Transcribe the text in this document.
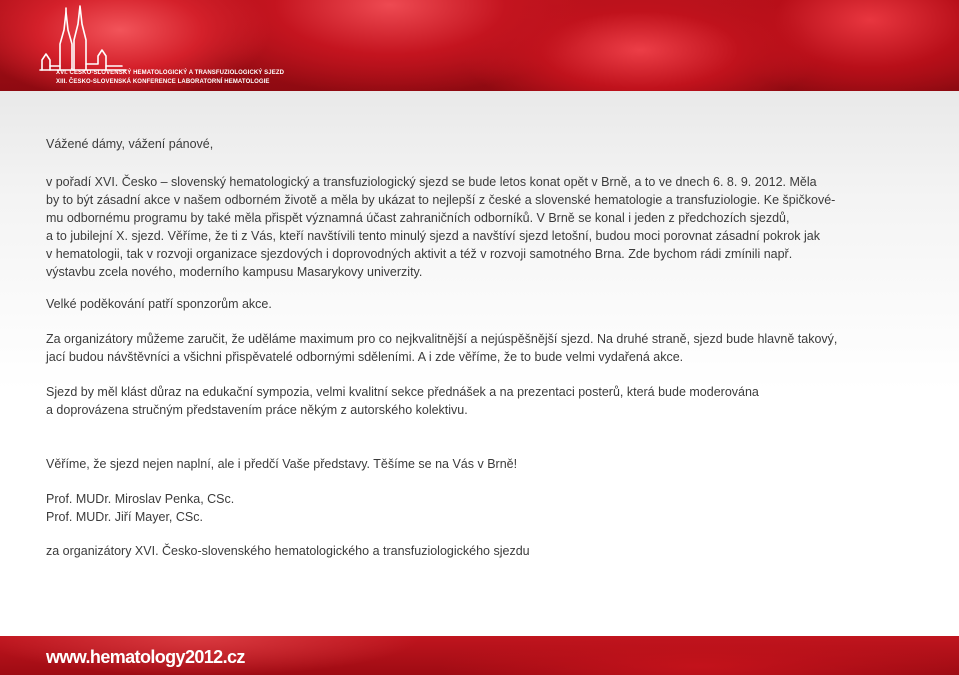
XVI. ČESKO-SLOVENSKÝ HEMATOLOGICKÝ A TRANSFUZIOLOGICKÝ SJEZD
XIII. ČESKO-SLOVENSKÁ KONFERENCE LABORATORNÍ HEMATOLOGIE

Vážené dámy, vážení pánové,

v pořadí XVI. Česko – slovenský hematologický a transfuziologický sjezd se bude letos konat opět v Brně, a to ve dnech 6. 8. 9. 2012. Měla

by to být zásadní akce v našem odborném životě a měla by ukázat to nejlepší z české a slovenské hematologie a transfuziologie. Ke špičkové-

mu odbornému programu by také měla přispět významná účast zahraničních odborníků. V Brně se konal i jeden z předchozích sjezdů,

a to jubilejní X. sjezd. Věříme, že ti z Vás, kteří navštívili tento minulý sjezd a navštíví sjezd letošní, budou moci porovnat zásadní pokrok jak

v hematologii, tak v rozvoji organizace sjezdových i doprovodných aktivit a též v rozvoji samotného Brna. Zde bychom rádi zmínili např.

výstavbu zcela nového, moderního kampusu Masarykovy univerzity.

Velké poděkování patří sponzorům akce.

Za organizátory můžeme zaručit, že uděláme maximum pro co nejkvalitnější a nejúspěšnější sjezd. Na druhé straně, sjezd bude hlavně takový,

jací budou návštěvníci a všichni přispěvatelé odbornými sděleními. A i zde věříme, že to bude velmi vydařená akce.

Sjezd by měl klást důraz na edukační sympozia, velmi kvalitní sekce přednášek a na prezentaci posterů, která bude moderována

a doprovázena stručným představením práce někým z autorského kolektivu.

Věříme, že sjezd nejen naplní, ale i předčí Vaše představy. Těšíme se na Vás v Brně!

Prof. MUDr. Miroslav Penka, CSc.

Prof. MUDr. Jiří Mayer, CSc.

za organizátory XVI. Česko-slovenského hematologického a transfuziologického sjezdu

www.hematology2012.cz
